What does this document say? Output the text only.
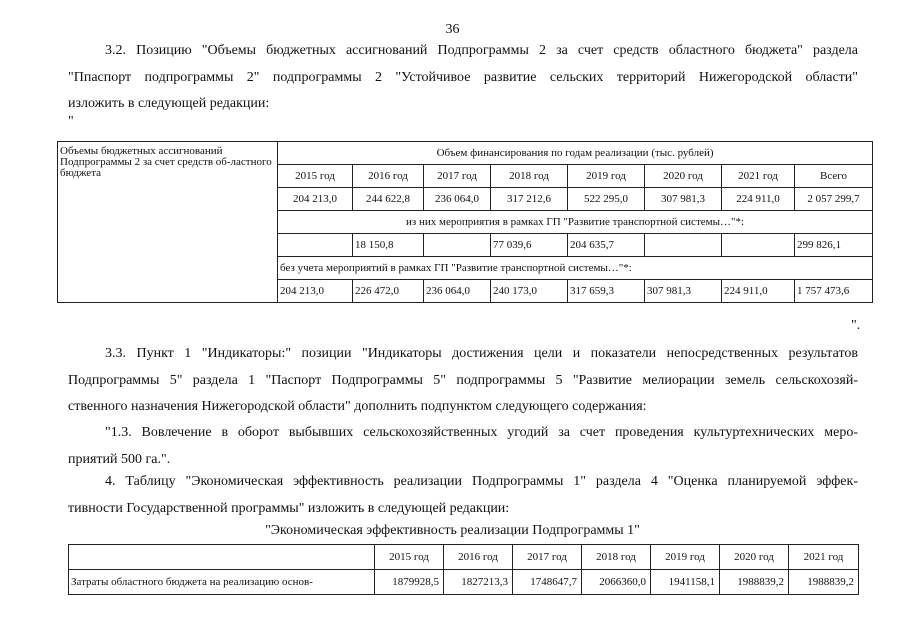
36
3.2. Позицию "Объемы бюджетных ассигнований Подпрограммы 2 за счет средств областного бюджета" раздела
"Ппаспорт подпрограммы 2" подпрограммы 2 "Устойчивое развитие сельских территорий Нижегородской области"
изложить в следующей редакции:
"
Объемы бюджетных ассигнований Подпрограммы 2 за счет средств об-ластного бюджета	Объем финансирования по годам реализации (тыс. рублей)							
	2015 год	2016 год	2017 год	2018 год	2019 год	2020 год	2021 год	Всего
	204 213,0	244 622,8	236 064,0	317 212,6	522 295,0	307 981,3	224 911,0	2 057 299,7
	из них мероприятия в рамках ГП "Развитие транспортной системы…"*:							
		18 150,8		77 039,6	204 635,7			299 826,1
	без учета мероприятий в рамках ГП "Развитие транспортной системы…"*:							
	204 213,0	226 472,0	236 064,0	240 173,0	317 659,3	307 981,3	224 911,0	1 757 473,6
".
3.3. Пункт 1 "Индикаторы:" позиции "Индикаторы достижения цели и показатели непосредственных результатов
Подпрограммы 5" раздела 1 "Паспорт Подпрограммы 5" подпрограммы 5 "Развитие мелиорации земель сельскохозяй-
ственного назначения Нижегородской области" дополнить подпунктом следующего содержания:
"1.3. Вовлечение в оборот выбывших сельскохозяйственных угодий за счет проведения культуртехнических меро-
приятий 500 га.".
4. Таблицу "Экономическая эффективность реализации Подпрограммы 1" раздела 4 "Оценка планируемой эффек-
тивности Государственной программы" изложить в следующей редакции:
"Экономическая эффективность реализации Подпрограммы 1"
	2015 год	2016 год	2017 год	2018 год	2019 год	2020 год	2021 год
Затраты областного бюджета на реализацию основ-	1879928,5	1827213,3	1748647,7	2066360,0	1941158,1	1988839,2	1988839,2
